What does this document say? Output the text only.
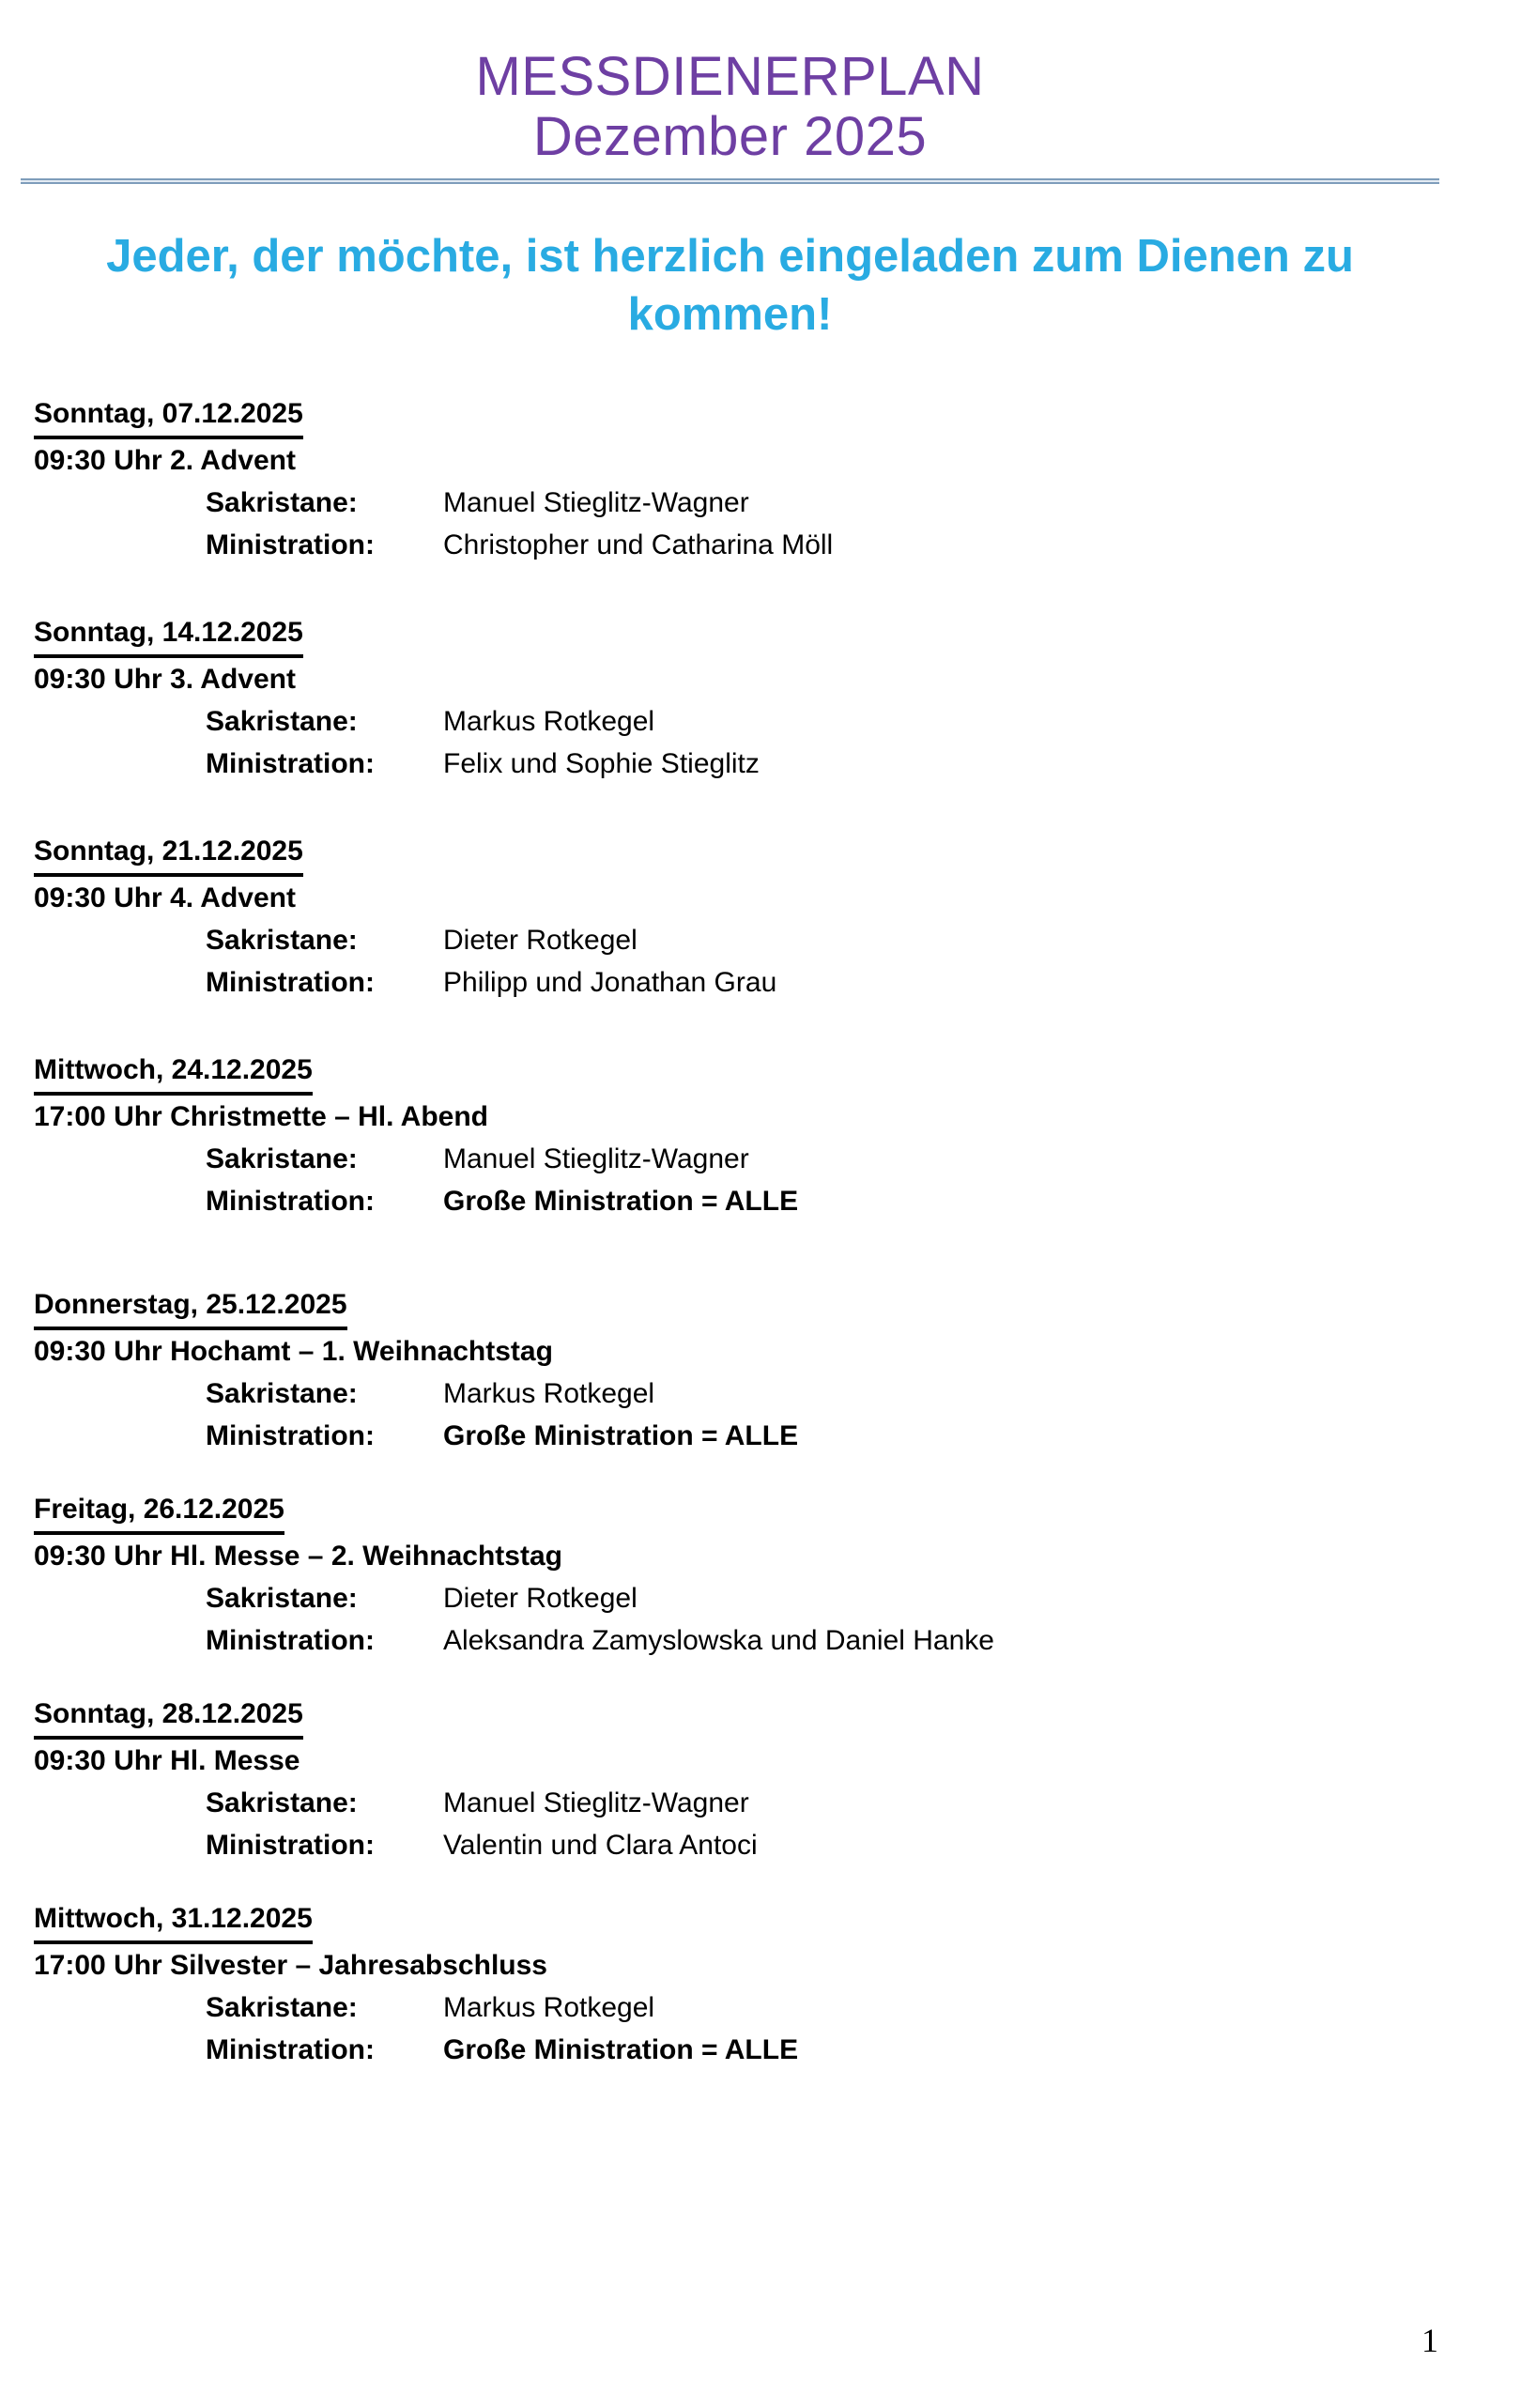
MESSDIENERPLAN
Dezember 2025
Jeder, der möchte, ist herzlich eingeladen zum Dienen zu kommen!
Sonntag, 07.12.2025
09:30 Uhr 2. Advent
Sakristane:	Manuel Stieglitz-Wagner
Ministration:	Christopher und Catharina Möll
Sonntag, 14.12.2025
09:30 Uhr 3. Advent
Sakristane:	Markus Rotkegel
Ministration:	Felix und Sophie Stieglitz
Sonntag, 21.12.2025
09:30 Uhr 4. Advent
Sakristane:	Dieter Rotkegel
Ministration:	Philipp und Jonathan Grau
Mittwoch, 24.12.2025
17:00 Uhr Christmette – Hl. Abend
Sakristane:	Manuel Stieglitz-Wagner
Ministration:	Große Ministration = ALLE
Donnerstag, 25.12.2025
09:30 Uhr Hochamt – 1. Weihnachtstag
Sakristane:	Markus Rotkegel
Ministration:	Große Ministration = ALLE
Freitag, 26.12.2025
09:30 Uhr Hl. Messe – 2. Weihnachtstag
Sakristane:	Dieter Rotkegel
Ministration:	Aleksandra Zamyslowska und Daniel Hanke
Sonntag, 28.12.2025
09:30 Uhr Hl. Messe
Sakristane:	Manuel Stieglitz-Wagner
Ministration:	Valentin und Clara Antoci
Mittwoch, 31.12.2025
17:00 Uhr Silvester – Jahresabschluss
Sakristane:	Markus Rotkegel
Ministration:	Große Ministration = ALLE
1
